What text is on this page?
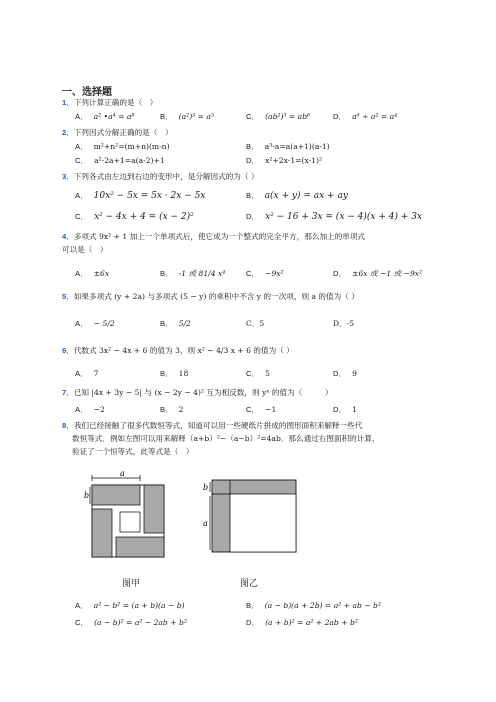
一、选择题
1．下列计算正确的是（　）
A． a² •a⁴ = a⁸	B． (a²)³ = a⁵	C． (ab²)³ = ab⁶	D． a⁶ ÷ a² = a⁴
2．下列因式分解正确的是（　）
A． m²+n²=(m+n)(m-n)	B． a³-a=a(a+1)(a-1)
C． a²-2a+1=a(a-2)+1	D． x²+2x-1=(x-1)²
3．下列各式由左边到右边的变形中，是分解因式的为（ ）
A． 10x² − 5x = 5x · 2x − 5x	B． a(x + y) = ax + ay
C． x² − 4x + 4 = (x − 2)²	D． x² − 16 + 3x = (x − 4)(x + 4) + 3x
4．多项式 9x² + 1 加上一个单项式后，使它成为一个整式的完全平方，那么加上的单项式
可以是（　）
A． ±6x	B． -1 或 81/4 x⁴	C． −9x²	D． ±6x 或 −1 或 −9x²
5．如果多项式 (y + 2a) 与多项式 (5 − y) 的乘积中不含 y 的一次项，则 a 的值为（ ）
A． − 5/2	B． 5/2	C．5	D．-5
6．代数式 3x² − 4x + 6 的值为 3，则 x² − 4/3 x + 6 的值为（ ）
A． 7	B． 18	C． 5	D． 9
7．已知 |4x + 3y − 5| 与 (x − 2y − 4)² 互为相反数，则 yˣ 的值为（　　　）
A． −2	B． 2	C． −1	D． 1
8．我们已经接触了很多代数恒等式，知道可以用一些硬纸片拼成的图形面积来解释一些代
数恒等式．例如左图可以用来解释（a+b）²−（a−b）²=4ab．那么通过右图面积的计算，
验证了一个恒等式，此等式是（　）
a
b
图甲
b
a
图乙
A． a² − b² = (a + b)(a − b)	B． (a − b)(a + 2b) = a² + ab − b²
C． (a − b)² = a² − 2ab + b²	D． (a + b)² = a² + 2ab + b²
